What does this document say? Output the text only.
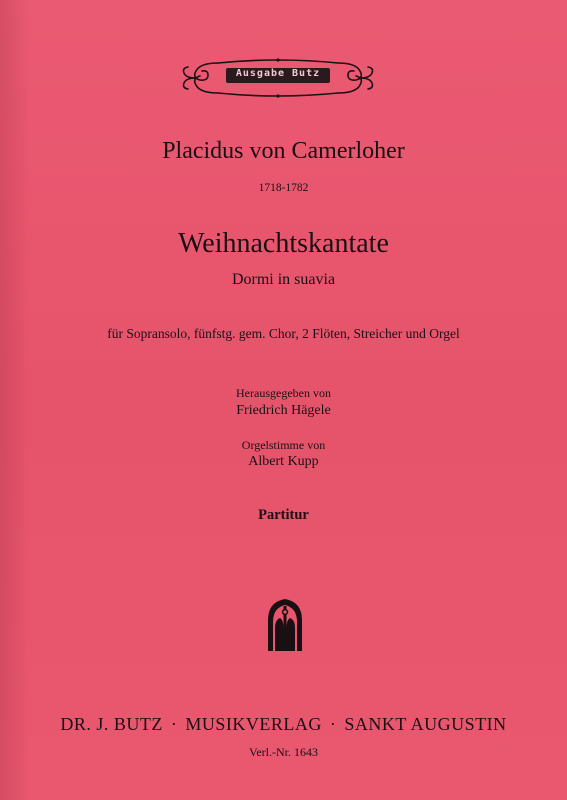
Ausgabe Butz
Placidus von Camerloher
1718-1782
Weihnachtskantate
Dormi in suavia
für Sopransolo, fünfstg. gem. Chor, 2 Flöten, Streicher und Orgel
Herausgegeben von
Friedrich Hägele
Orgelstimme von
Albert Kupp
Partitur
DR. J. BUTZ · MUSIKVERLAG · SANKT AUGUSTIN
Verl.-Nr. 1643
